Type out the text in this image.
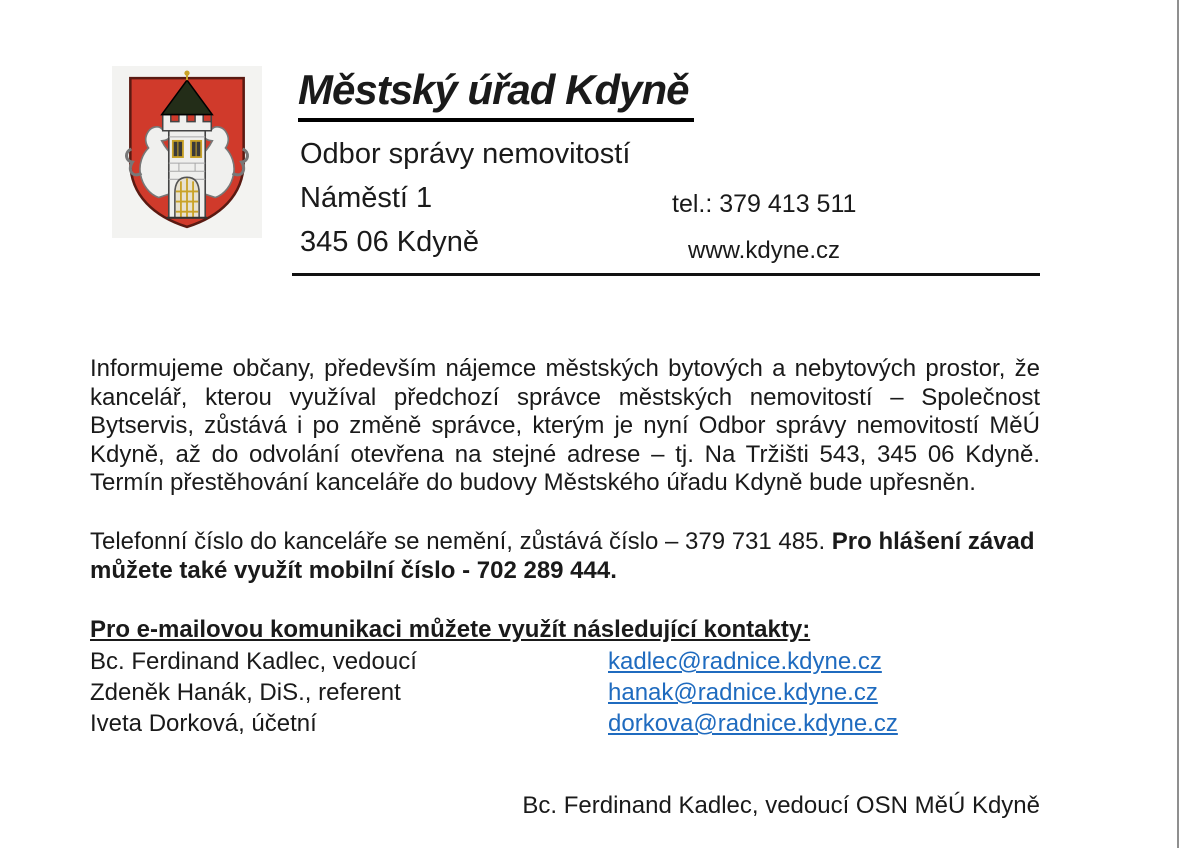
Městský úřad Kdyně
Odbor správy nemovitostí
Náměstí 1	tel.: 379 413 511
345 06 Kdyně	www.kdyne.cz
Informujeme občany, především nájemce městských bytových a nebytových prostor, že kancelář, kterou využíval předchozí správce městských nemovitostí – Společnost Bytservis, zůstává i po změně správce, kterým je nyní Odbor správy nemovitostí MěÚ Kdyně, až do odvolání otevřena na stejné adrese – tj. Na Tržišti 543, 345 06 Kdyně. Termín přestěhování kanceláře do budovy Městského úřadu Kdyně bude upřesněn.
Telefonní číslo do kanceláře se nemění, zůstává číslo – 379 731 485. Pro hlášení závad můžete také využít mobilní číslo - 702 289 444.
Pro e-mailovou komunikaci můžete využít následující kontakty:
Bc. Ferdinand Kadlec, vedoucí	kadlec@radnice.kdyne.cz
Zdeněk Hanák, DiS., referent	hanak@radnice.kdyne.cz
Iveta Dorková, účetní	dorkova@radnice.kdyne.cz
Bc. Ferdinand Kadlec, vedoucí OSN MěÚ Kdyně
